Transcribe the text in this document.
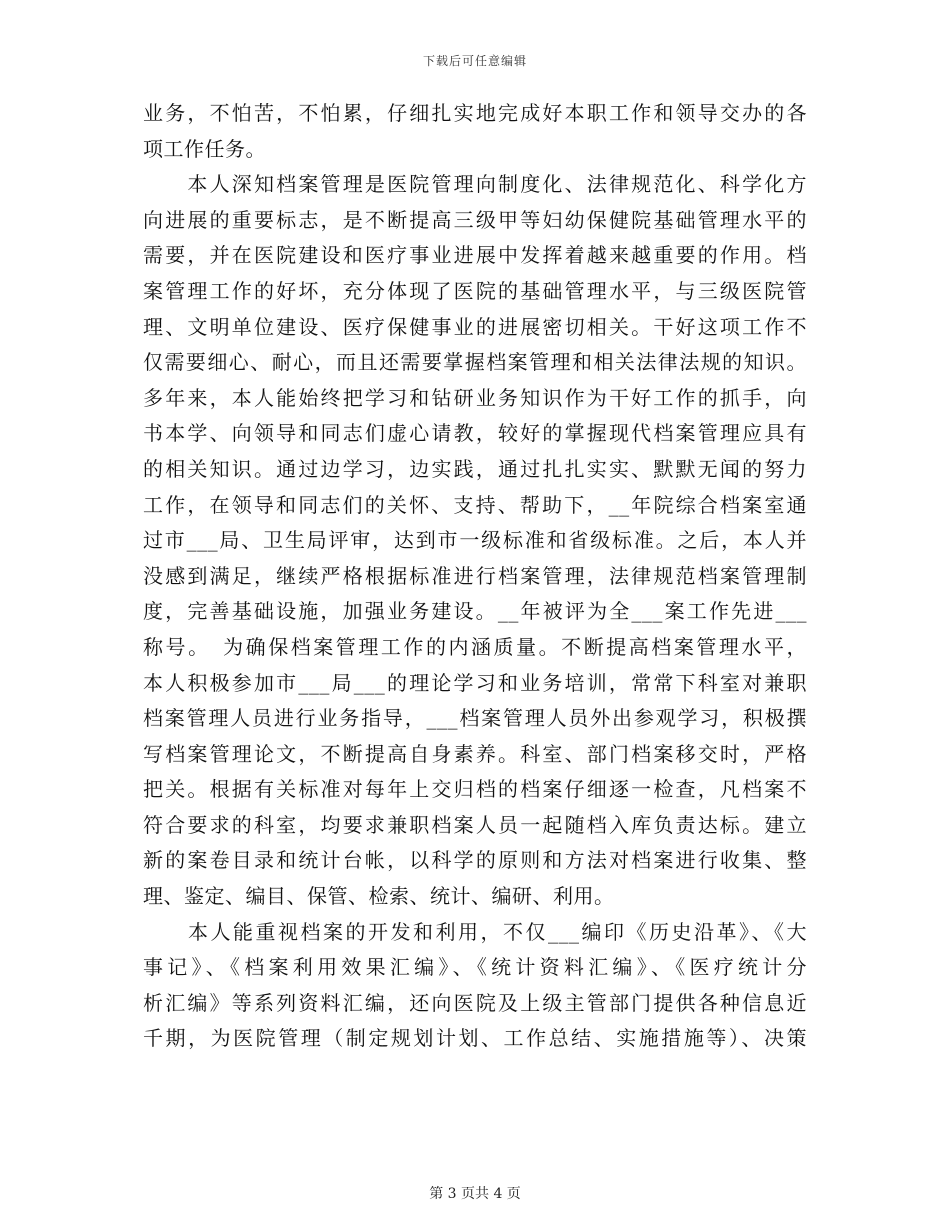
下载后可任意编辑
业务，不怕苦，不怕累，仔细扎实地完成好本职工作和领导交办的各
项工作任务。
　　本人深知档案管理是医院管理向制度化、法律规范化、科学化方
向进展的重要标志，是不断提高三级甲等妇幼保健院基础管理水平的
需要，并在医院建设和医疗事业进展中发挥着越来越重要的作用。档
案管理工作的好坏，充分体现了医院的基础管理水平，与三级医院管
理、文明单位建设、医疗保健事业的进展密切相关。干好这项工作不
仅需要细心、耐心，而且还需要掌握档案管理和相关法律法规的知识。
多年来，本人能始终把学习和钻研业务知识作为干好工作的抓手，向
书本学、向领导和同志们虚心请教，较好的掌握现代档案管理应具有
的相关知识。通过边学习，边实践，通过扎扎实实、默默无闻的努力
工作，在领导和同志们的关怀、支持、帮助下，__年院综合档案室通
过市___局、卫生局评审，达到市一级标准和省级标准。之后，本人并
没感到满足，继续严格根据标准进行档案管理，法律规范档案管理制
度，完善基础设施，加强业务建设。__年被评为全___案工作先进___
称号。　为确保档案管理工作的内涵质量。不断提高档案管理水平，
本人积极参加市___局___的理论学习和业务培训，常常下科室对兼职
档案管理人员进行业务指导，___档案管理人员外出参观学习，积极撰
写档案管理论文，不断提高自身素养。科室、部门档案移交时，严格
把关。根据有关标准对每年上交归档的档案仔细逐一检查，凡档案不
符合要求的科室，均要求兼职档案人员一起随档入库负责达标。建立
新的案卷目录和统计台帐，以科学的原则和方法对档案进行收集、整
理、鉴定、编目、保管、检索、统计、编研、利用。
　　本人能重视档案的开发和利用，不仅___编印《历史沿革》、《大
事记》、《档案利用效果汇编》、《统计资料汇编》、《医疗统计分
析汇编》等系列资料汇编，还向医院及上级主管部门提供各种信息近
千期，为医院管理（制定规划计划、工作总结、实施措施等）、决策
第 3 页共 4 页
